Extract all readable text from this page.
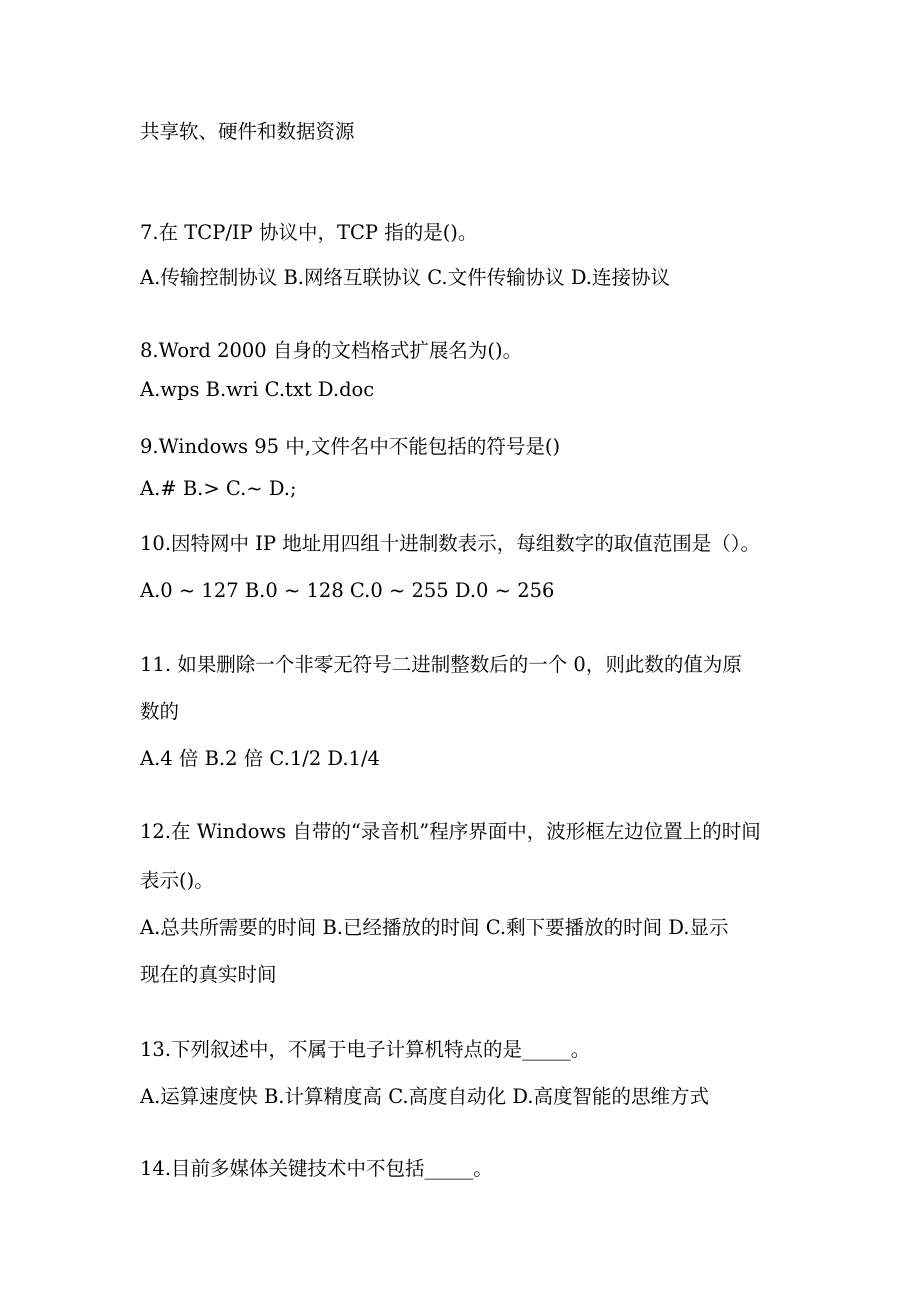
共享软、硬件和数据资源
7.在 TCP/IP 协议中，TCP 指的是()。
A.传输控制协议 B.网络互联协议 C.文件传输协议 D.连接协议
8.Word 2000 自身的文档格式扩展名为()。
A.wps B.wri C.txt D.doc
9.Windows 95 中,文件名中不能包括的符号是()
A.# B.> C.~ D.;
10.因特网中 IP 地址用四组十进制数表示，每组数字的取值范围是（）。
A.0 ~ 127 B.0 ~ 128 C.0 ~ 255 D.0 ~ 256
11. 如果删除一个非零无符号二进制整数后的一个 0，则此数的值为原
数的
A.4 倍 B.2 倍 C.1/2 D.1/4
12.在 Windows 自带的“录音机”程序界面中，波形框左边位置上的时间
表示()。
A.总共所需要的时间 B.已经播放的时间 C.剩下要播放的时间 D.显示
现在的真实时间
13.下列叙述中，不属于电子计算机特点的是_____。
A.运算速度快 B.计算精度高 C.高度自动化 D.高度智能的思维方式
14.目前多媒体关键技术中不包括_____。
